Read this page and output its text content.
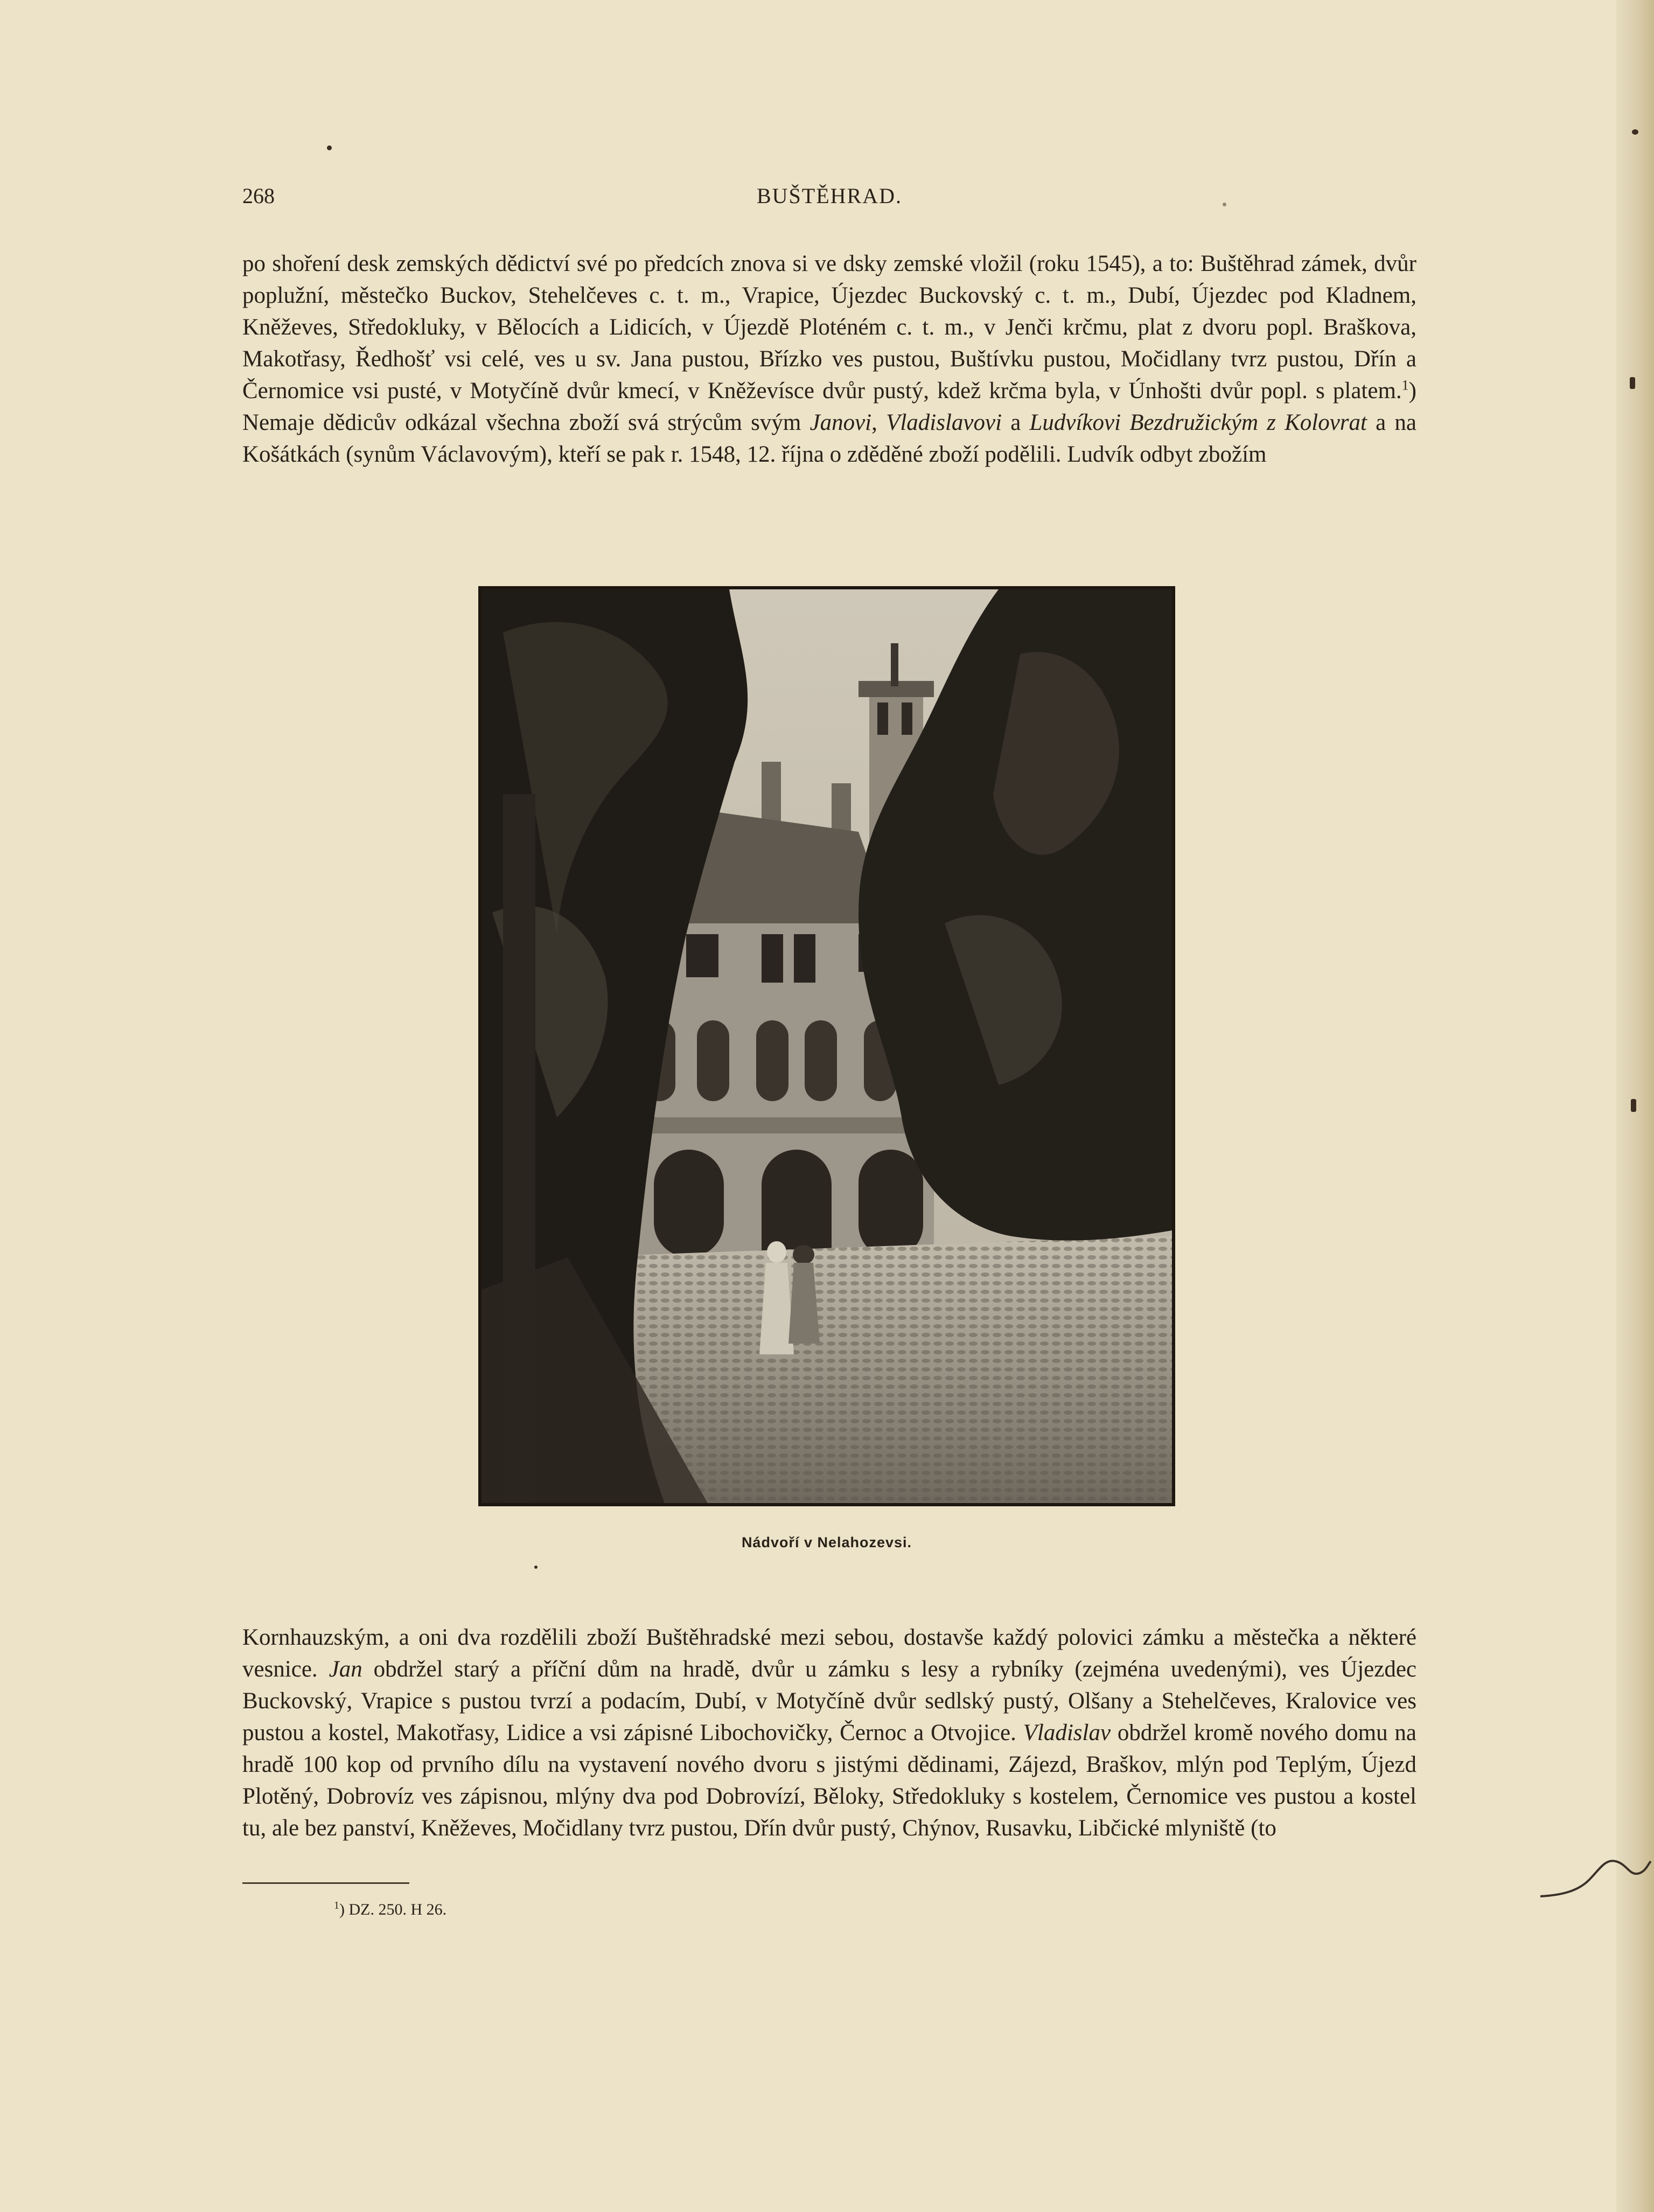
268	BUŠTĚHRAD.

po shoření desk zemských dědictví své po předcích znova si ve dsky zemské vložil (roku 1545), a to: Buštěhrad zámek, dvůr poplužní, městečko Buckov, Stehelčeves c. t. m., Vrapice, Újezdec Buckovský c. t. m., Dubí, Újezdec pod Kladnem, Kněževes, Středokluky, v Bělocích a Lidicích, v Újezdě Ploténém c. t. m., v Jenči krčmu, plat z dvoru popl. Braškova, Makotřasy, Ředhošť vsi celé, ves u sv. Jana pustou, Břízko ves pustou, Buštívku pustou, Močidlany tvrz pustou, Dřín a Černomice vsi pusté, v Motyčíně dvůr kmecí, v Kněževísce dvůr pustý, kdež krčma byla, v Únhošti dvůr popl. s platem.$^1$) Nemaje dědicův odkázal všechna zboží svá strýcům svým Janovi, Vladislavovi a Ludvíkovi Bezdružickým z Kolovrat a na Košátkách (synům Václavovým), kteří se pak r. 1548, 12. října o zděděné zboží podělili. Ludvík odbyt zbožím

Nádvoří v Nelahozevsi.

Kornhauzským, a oni dva rozdělili zboží Buštěhradské mezi sebou, dostavše každý polovici zámku a městečka a některé vesnice. Jan obdržel starý a příční dům na hradě, dvůr u zámku s lesy a rybníky (zejména uvedenými), ves Újezdec Buckovský, Vrapice s pustou tvrzí a podacím, Dubí, v Motyčíně dvůr sedlský pustý, Olšany a Stehelčeves, Kralovice ves pustou a kostel, Makotřasy, Lidice a vsi zápisné Libochovičky, Černoc a Otvojice. Vladislav obdržel kromě nového domu na hradě 100 kop od prvního dílu na vystavení nového dvoru s jistými dědinami, Zájezd, Braškov, mlýn pod Teplým, Újezd Plotěný, Dobrovíz ves zápisnou, mlýny dva pod Dobrovízí, Běloky, Středokluky s kostelem, Černomice ves pustou a kostel tu, ale bez panství, Kněževes, Močidlany tvrz pustou, Dřín dvůr pustý, Chýnov, Rusavku, Libčické mlyniště (to

$^1$) DZ. 250. H 26.
